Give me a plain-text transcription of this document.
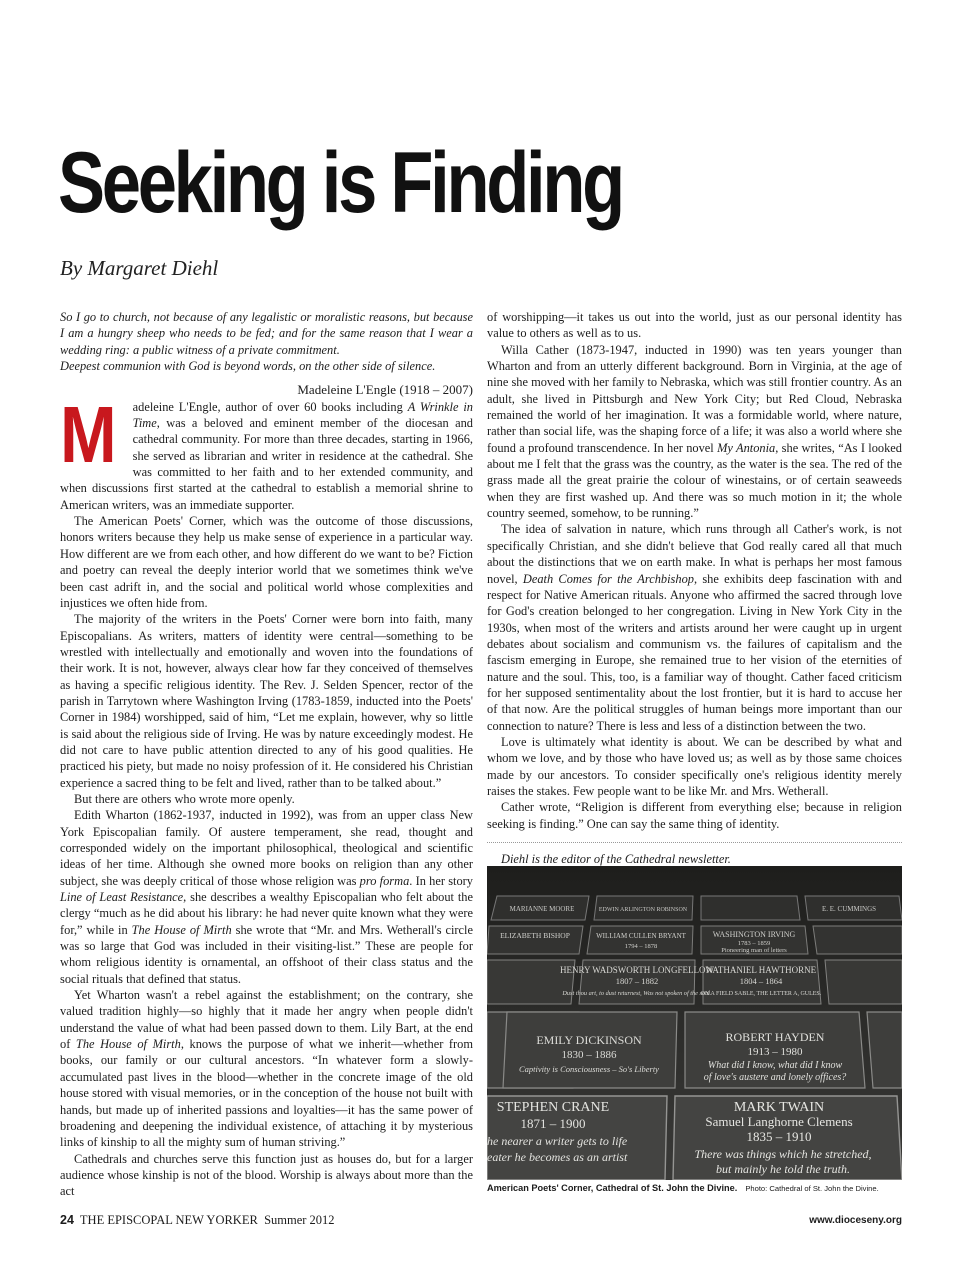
Seeking is Finding
By Margaret Diehl

So I go to church, not because of any legalistic or moralistic reasons, but because I am a hungry sheep who needs to be fed; and for the same reason that I wear a wedding ring: a public witness of a private commitment.

Deepest communion with God is beyond words, on the other side of silence.

Madeleine L'Engle (1918 – 2007)

M adeleine L'Engle, author of over 60 books including A Wrinkle in Time, was a beloved and eminent member of the diocesan and cathedral community. For more than three decades, starting in 1966, she served as librarian and writer in residence at the cathedral. She was committed to her faith and to her extended community, and when discussions first started at the cathedral to establish a memorial shrine to American writers, was an immediate supporter.

The American Poets' Corner, which was the outcome of those discussions, honors writers because they help us make sense of experience in a particular way. How different are we from each other, and how different do we want to be? Fiction and poetry can reveal the deeply interior world that we sometimes think we've been cast adrift in, and the social and political world whose complexities and injustices we often hide from.

The majority of the writers in the Poets' Corner were born into faith, many Episcopalians. As writers, matters of identity were central—something to be wrestled with intellectually and emotionally and woven into the foundations of their work. It is not, however, always clear how far they conceived of themselves as having a specific religious identity. The Rev. J. Selden Spencer, rector of the parish in Tarrytown where Washington Irving (1783-1859, inducted into the Poets' Corner in 1984) worshipped, said of him, “Let me explain, however, why so little is said about the religious side of Irving. He was by nature exceedingly modest. He did not care to have public attention directed to any of his good qualities. He practiced his piety, but made no noisy profession of it. He considered his Christian experience a sacred thing to be felt and lived, rather than to be talked about.”

But there are others who wrote more openly.

Edith Wharton (1862-1937, inducted in 1992), was from an upper class New York Episcopalian family. Of austere temperament, she read, thought and corresponded widely on the important philosophical, theological and scientific ideas of her time. Although she owned more books on religion than any other subject, she was deeply critical of those whose religion was pro forma. In her story Line of Least Resistance, she describes a wealthy Episcopalian who felt about the clergy “much as he did about his library: he had never quite known what they were for,” while in The House of Mirth she wrote that “Mr. and Mrs. Wetherall's circle was so large that God was included in their visiting-list.” These are people for whom religious identity is ornamental, an offshoot of their class status and the social rituals that defined that status.

Yet Wharton wasn't a rebel against the establishment; on the contrary, she valued tradition highly—so highly that it made her angry when people didn't understand the value of what had been passed down to them. Lily Bart, at the end of The House of Mirth, knows the purpose of what we inherit—whether from books, our family or our cultural ancestors. “In whatever form a slowly-accumulated past lives in the blood—whether in the concrete image of the old house stored with visual memories, or in the conception of the house not built with hands, but made up of inherited passions and loyalties—it has the same power of broadening and deepening the individual existence, of attaching it by mysterious links of kinship to all the mighty sum of human striving.”

Cathedrals and churches serve this function just as houses do, but for a larger audience whose kinship is not of the blood. Worship is always about more than the act

of worshipping—it takes us out into the world, just as our personal identity has value to others as well as to us.

Willa Cather (1873-1947, inducted in 1990) was ten years younger than Wharton and from an utterly different background. Born in Virginia, at the age of nine she moved with her family to Nebraska, which was still frontier country. As an adult, she lived in Pittsburgh and New York City; but Red Cloud, Nebraska remained the world of her imagination. It was a formidable world, where nature, rather than social life, was the shaping force of a life; it was also a world where she found a profound transcendence. In her novel My Antonia, she writes, “As I looked about me I felt that the grass was the country, as the water is the sea. The red of the grass made all the great prairie the colour of winestains, or of certain seaweeds when they are first washed up. And there was so much motion in it; the whole country seemed, somehow, to be running.”

The idea of salvation in nature, which runs through all Cather's work, is not specifically Christian, and she didn't believe that God really cared all that much about the distinctions that we on earth make. In what is perhaps her most famous novel, Death Comes for the Archbishop, she exhibits deep fascination with and respect for Native American rituals. Anyone who affirmed the sacred through love for God's creation belonged to her congregation. Living in New York City in the 1930s, when most of the writers and artists around her were caught up in urgent debates about socialism and communism vs. the failures of capitalism and the fascism emerging in Europe, she remained true to her vision of the eternities of nature and the soul. This, too, is a familiar way of thought. Cather faced criticism for her supposed sentimentality about the lost frontier, but it is hard to accuse her of that now. Are the political struggles of human beings more important than our connection to nature? There is less and less of a distinction between the two.

Love is ultimately what identity is about. We can be described by what and whom we love, and by those who have loved us; as well as by those same choices made by our ancestors. To consider specifically one's religious identity merely raises the stakes. Few people want to be like Mr. and Mrs. Wetherall.

Cather wrote, “Religion is different from everything else; because in religion seeking is finding.” One can say the same thing of identity.

Diehl is the editor of the Cathedral newsletter.

MARIANNE MOORE	EDWIN ARLINGTON ROBINSON	E. E. CUMMINGS
ELIZABETH BISHOP	WILLIAM CULLEN BRYANT
1794 – 1878
WASHINGTON IRVING
1783 – 1859
Pioneering man of letters
HENRY WADSWORTH LONGFELLOW
1807 – 1882
Dust thou art, to dust returnest, Was not spoken of the soul.
NATHANIEL HAWTHORNE
1804 – 1864
ON A FIELD SABLE, THE LETTER A, GULES.
EMILY DICKINSON
1830 – 1886
Captivity is Consciousness – So's Liberty
ROBERT HAYDEN
1913 – 1980
What did I know, what did I know
of love's austere and lonely offices?
STEPHEN CRANE
1871 – 1900
he nearer a writer gets to life
eater he becomes as an artist
MARK TWAIN
Samuel Langhorne Clemens
1835 – 1910
There was things which he stretched,
but mainly he told the truth.
American Poets' Corner, Cathedral of St. John the Divine. Photo: Cathedral of St. John the Divine.
24 THE EPISCOPAL NEW YORKER Summer 2012	www.dioceseny.org
